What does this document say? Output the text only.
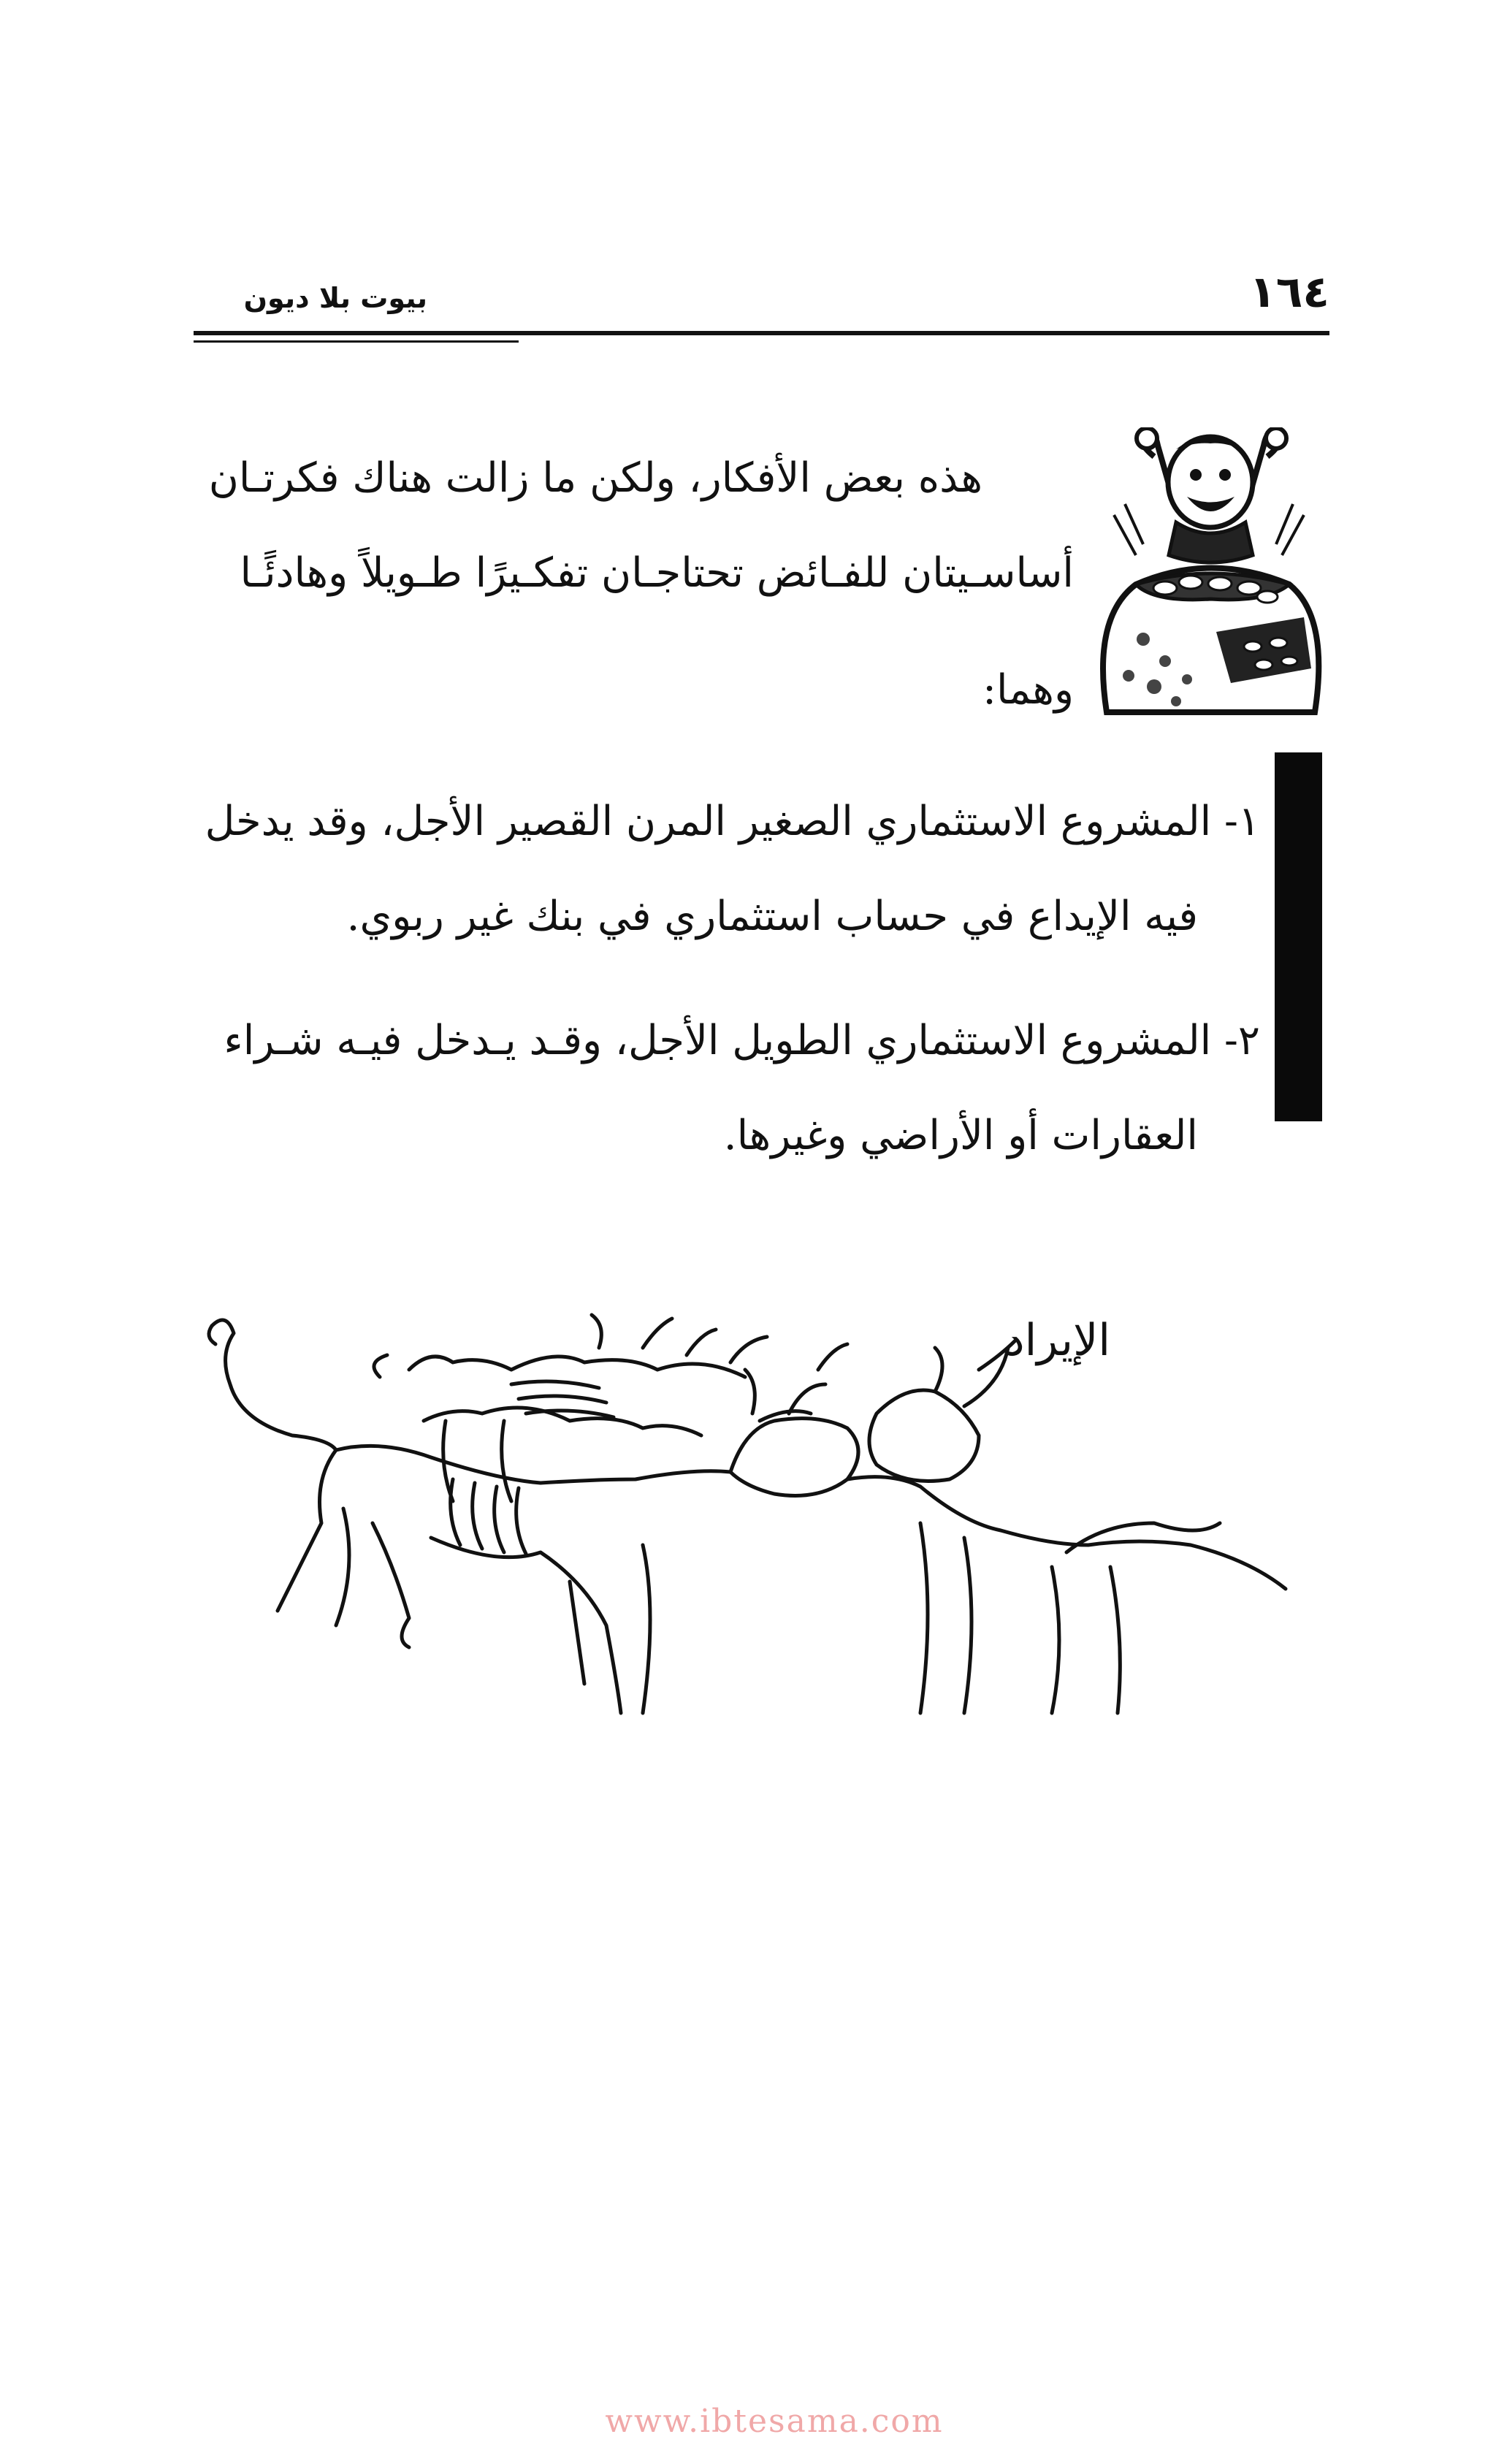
١٦٤
بيوت بلا ديون
هذه بعض الأفكار، ولكن ما زالت هناك فكرتـان
أساسـيتان للفـائض تحتاجـان تفكـيرًا طـويلاً وهادئًـا
وهما:
١- المشروع الاستثماري الصغير المرن القصير الأجل، وقد يدخل
فيه الإيداع في حساب استثماري في بنك غير ربوي.
٢- المشروع الاستثماري الطويل الأجل، وقـد يـدخل فيـه شـراء
العقارات أو الأراضي وغيرها.
الإيراد
www.ibtesama.com
